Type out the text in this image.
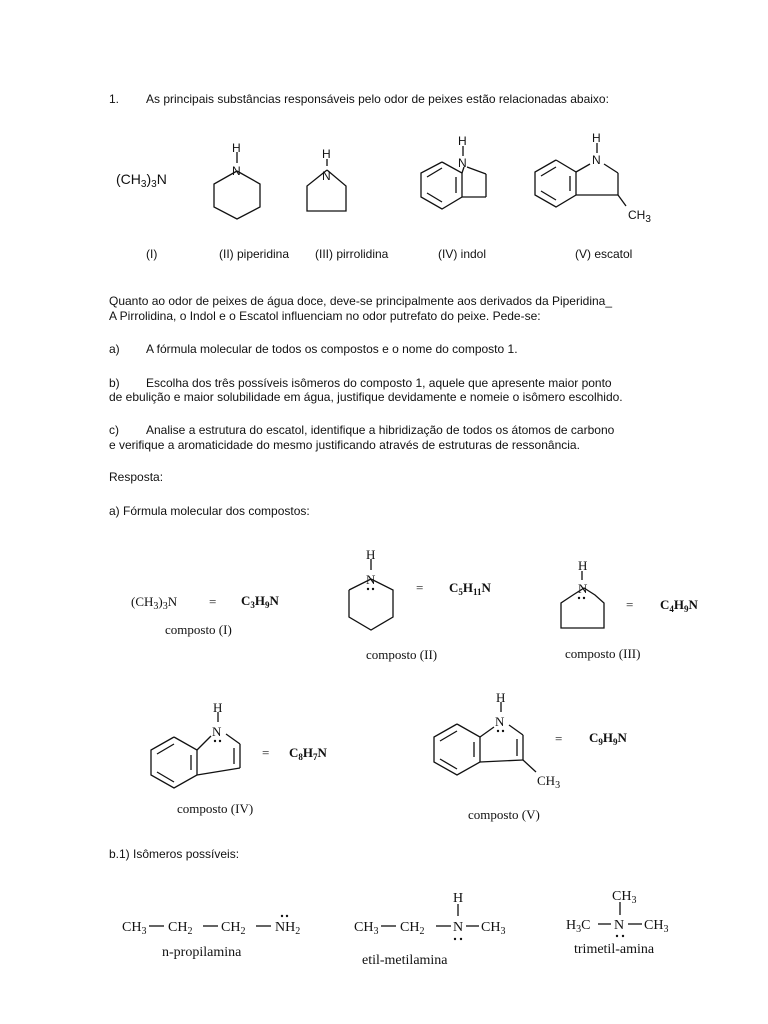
1. As principais substâncias responsáveis pelo odor de peixes estão relacionadas abaixo:
(I)	(II) piperidina (III) pirrolidina	(IV) indol	(V) escatol
Quanto ao odor de peixes de água doce, deve-se principalmente aos derivados da Piperidina_
A Pirrolidina, o Indol e o Escatol influenciam no odor putrefato do peixe. Pede-se:
a) A fórmula molecular de todos os compostos e o nome do composto 1.
b) Escolha dos três possíveis isômeros do composto 1, aquele que apresente maior ponto
de ebulição e maior solubilidade em água, justifique devidamente e nomeie o isômero escolhido.
c) Analise a estrutura do escatol, identifique a hibridização de todos os átomos de carbono
e verifique a aromaticidade do mesmo justificando através de estruturas de ressonância.
Resposta:
a) Fórmula molecular dos compostos:
b.1) Isômeros possíveis:
composto (I)
composto (II)	composto (III)
composto (IV)	composto (V)
n-propilamina
etil-metilamina
trimetil-amina
$(CH_3)_3N$
H
N
H
N
H
N
H
N
$CH_3$
$(CH_3)_3N$ =
H
N
=
H
N
=
H
N
=
H
N
$CH_3$
=
$C_3H_9N$
$C_5H_11N$
$C_4H_9N$
$C_8H_7N$
$C_9H_9N$
$CH_3$ $CH_2$ $CH_2$ $NH_2$	$CH_3$ $CH_2$
H
N $CH_3$
$CH_3$
$H_3C$ N $CH_3$
